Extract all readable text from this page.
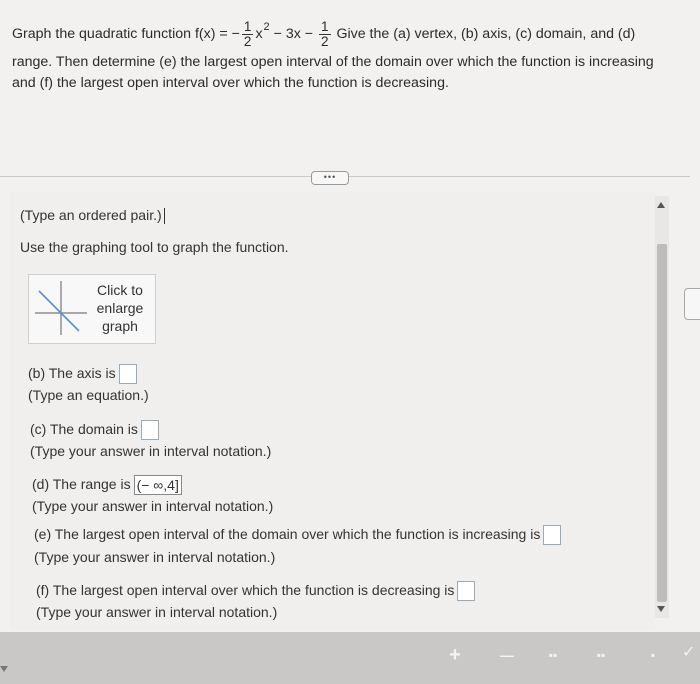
Graph the quadratic function f(x) = − $\frac{1}{2}$ x $2 - 3x - \frac{1}{2}$ Give the (a) vertex, (b) axis, (c) domain, and (d)
range. Then determine (e) the largest open interval of the domain over which the function is increasing
and (f) the largest open interval over which the function is decreasing.
•••
(Type an ordered pair.)
Use the graphing tool to graph the function.
Click to
enlarge
graph
(b) The axis is
(Type an equation.)
(c) The domain is
(Type your answer in interval notation.)
(d) The range is (− ∞,4]
(Type your answer in interval notation.)
(e) The largest open interval of the domain over which the function is increasing is
(Type your answer in interval notation.)
(f) The largest open interval over which the function is decreasing is
(Type your answer in interval notation.)
+	—	▪▪	▪▪	▪	✓
